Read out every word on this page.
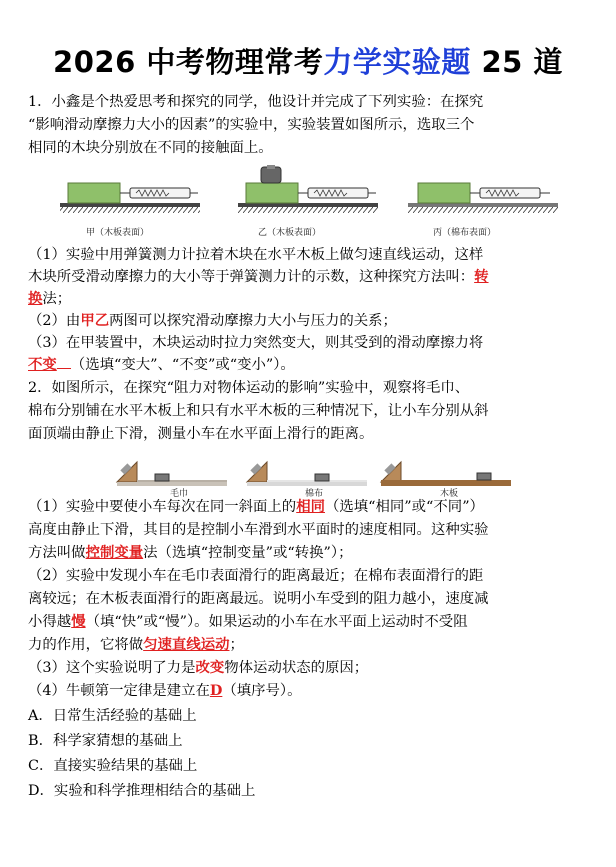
2026 中考物理常考力学实验题 25 道
1．小鑫是个热爱思考和探究的同学，他设计并完成了下列实验：在探究
“影响滑动摩擦力大小的因素”的实验中，实验装置如图所示，选取三个
相同的木块分别放在不同的接触面上。
甲（木板表面）	乙（木板表面）	丙（棉布表面）
（1）实验中用弹簧测力计拉着木块在水平木板上做匀速直线运动，这样
木块所受滑动摩擦力的大小等于弹簧测力计的示数，这种探究方法叫：转
换法；
（2）由甲乙两图可以探究滑动摩擦力大小与压力的关系；
（3）在甲装置中，木块运动时拉力突然变大，则其受到的滑动摩擦力将
不变 （选填“变大”、“不变”或“变小”）。
2．如图所示，在探究“阻力对物体运动的影响”实验中，观察将毛巾、
棉布分别铺在水平木板上和只有水平木板的三种情况下，让小车分别从斜
面顶端由静止下滑，测量小车在水平面上滑行的距离。
毛巾	棉布	木板
（1）实验中要使小车每次在同一斜面上的相同（选填“相同”或“不同”）
高度由静止下滑，其目的是控制小车滑到水平面时的速度相同。这种实验
方法叫做控制变量法（选填“控制变量”或“转换”）；
（2）实验中发现小车在毛巾表面滑行的距离最近；在棉布表面滑行的距
离较远；在木板表面滑行的距离最远。说明小车受到的阻力越小，速度减
小得越慢（填“快”或“慢”）。如果运动的小车在水平面上运动时不受阻
力的作用，它将做匀速直线运动；
（3）这个实验说明了力是改变物体运动状态的原因；
（4）牛顿第一定律是建立在D（填序号）。
A．日常生活经验的基础上
B．科学家猜想的基础上
C．直接实验结果的基础上
D．实验和科学推理相结合的基础上
